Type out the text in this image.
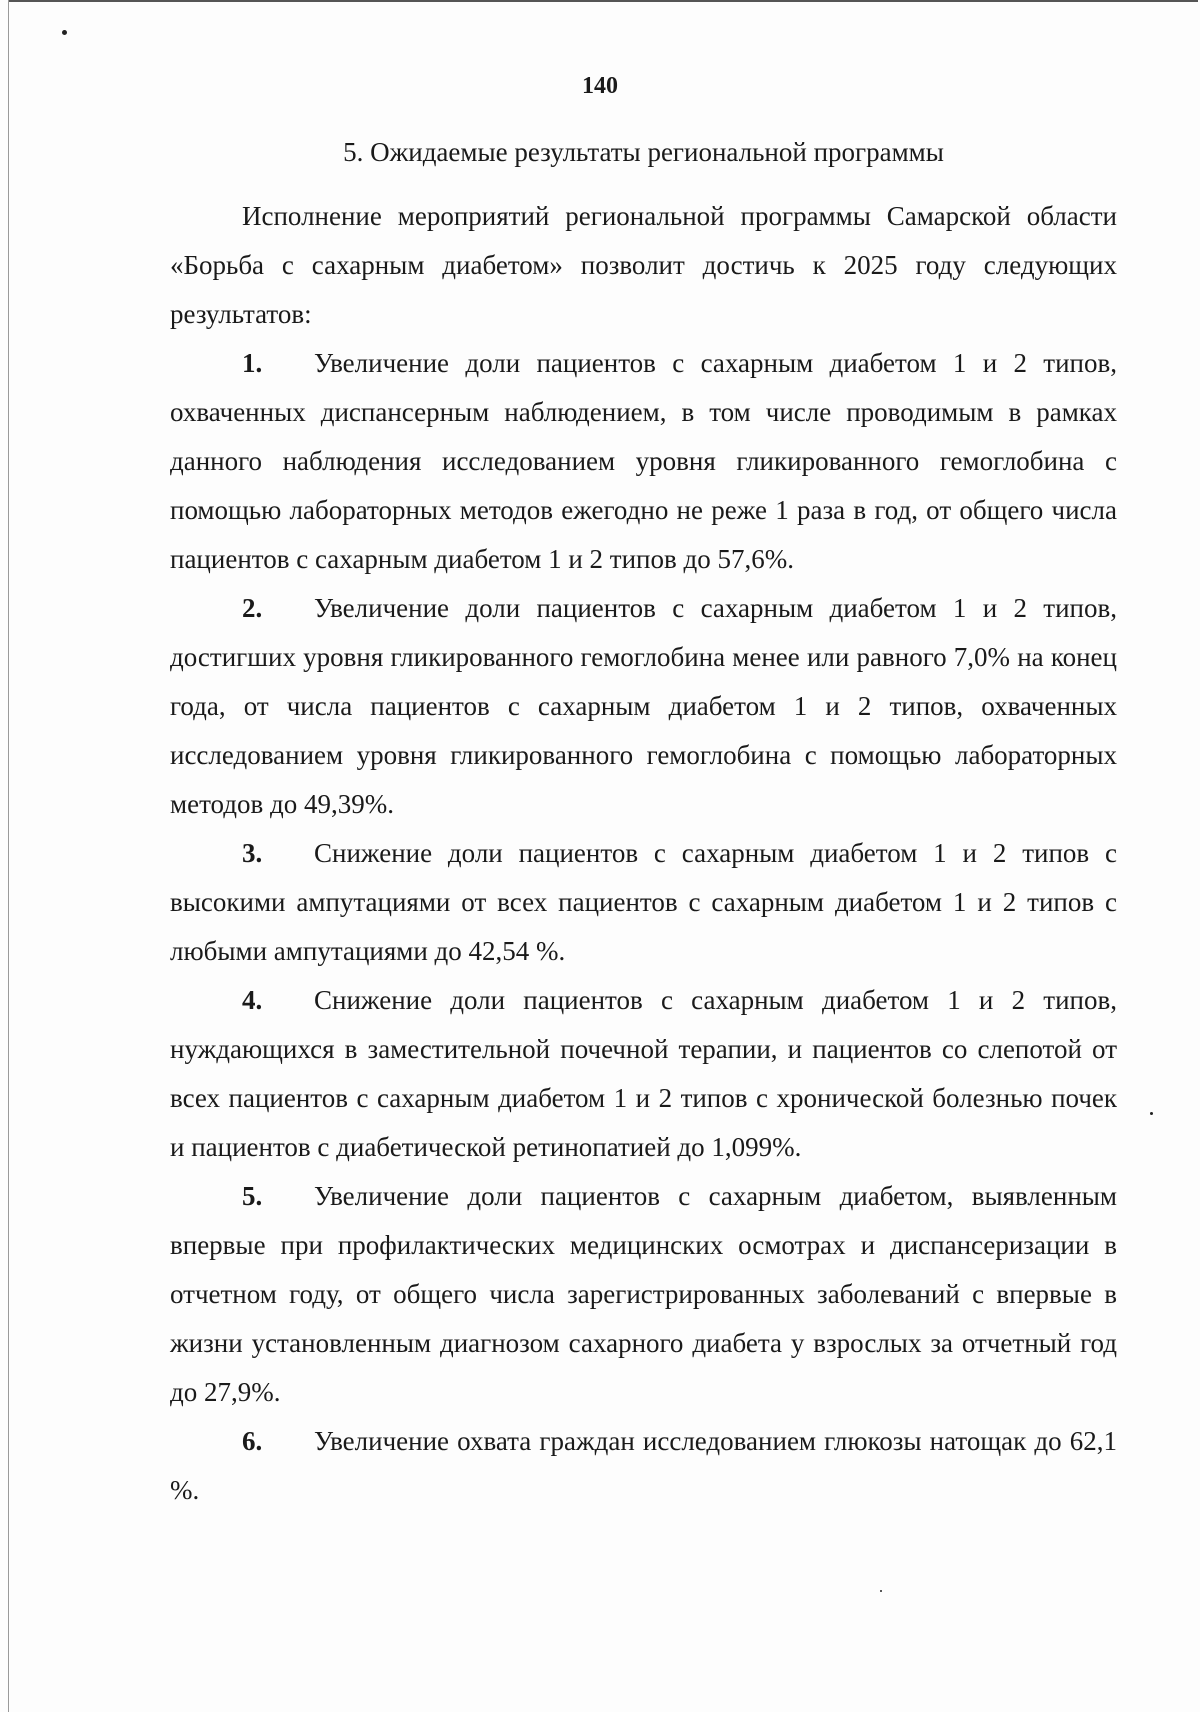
140
5. Ожидаемые результаты региональной программы

Исполнение мероприятий региональной программы Самарской области «Борьба с сахарным диабетом» позволит достичь к 2025 году следующих результатов:

1. Увеличение доли пациентов с сахарным диабетом 1 и 2 типов, охваченных диспансерным наблюдением, в том числе проводимым в рамках данного наблюдения исследованием уровня гликированного гемоглобина с помощью лабораторных методов ежегодно не реже 1 раза в год, от общего числа пациентов с сахарным диабетом 1 и 2 типов до 57,6%.

2. Увеличение доли пациентов с сахарным диабетом 1 и 2 типов, достигших уровня гликированного гемоглобина менее или равного 7,0% на конец года, от числа пациентов с сахарным диабетом 1 и 2 типов, охваченных исследованием уровня гликированного гемоглобина с помощью лабораторных методов до 49,39%.

3. Снижение доли пациентов с сахарным диабетом 1 и 2 типов с высокими ампутациями от всех пациентов с сахарным диабетом 1 и 2 типов с любыми ампутациями до 42,54 %.

4. Снижение доли пациентов с сахарным диабетом 1 и 2 типов, нуждающихся в заместительной почечной терапии, и пациентов со слепотой от всех пациентов с сахарным диабетом 1 и 2 типов с хронической болезнью почек и пациентов с диабетической ретинопатией до 1,099%.

5. Увеличение доли пациентов с сахарным диабетом, выявленным впервые при профилактических медицинских осмотрах и диспансеризации в отчетном году, от общего числа зарегистрированных заболеваний с впервые в жизни установленным диагнозом сахарного диабета у взрослых за отчетный год до 27,9%.

6. Увеличение охвата граждан исследованием глюкозы натощак до 62,1 %.
